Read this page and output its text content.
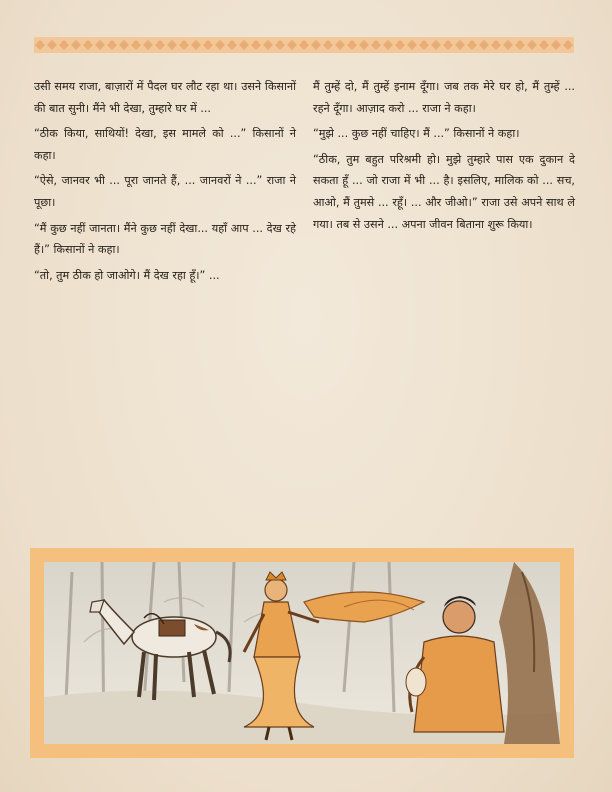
उसी समय राजा, बाज़ारों में पैदल घर लौट रहा था। उसने किसानों की बात सुनी। मैंने भी देखा, तुम्हारे घर में ...

“ठीक किया, साथियों! देखा, इस मामले को ...” किसानों ने कहा।

“ऐसे, जानवर भी ... पूरा जानते हैं, ... जानवरों ने ...” राजा ने पूछा।

“मैं कुछ नहीं जानता। मैंने कुछ नहीं देखा... यहाँ आप ... देख रहे हैं।” किसानों ने कहा।

“तो, तुम ठीक हो जाओगे। मैं देख रहा हूँ।” ...

मैं तुम्हें दो, मैं तुम्हें इनाम दूँगा। जब तक मेरे घर हो, मैं तुम्हें ... रहने दूँगा। आज़ाद करो ... राजा ने कहा।

“मुझे ... कुछ नहीं चाहिए। मैं ...” किसानों ने कहा।

“ठीक, तुम बहुत परिश्रमी हो। मुझे तुम्हारे पास एक दुकान दे सकता हूँ ... जो राजा में भी ... है। इसलिए, मालिक को ... सच, आओ, मैं तुमसे ... रहूँ। ... और जीओ।” राजा उसे अपने साथ ले गया। तब से उसने ... अपना जीवन बिताना शुरू किया।
